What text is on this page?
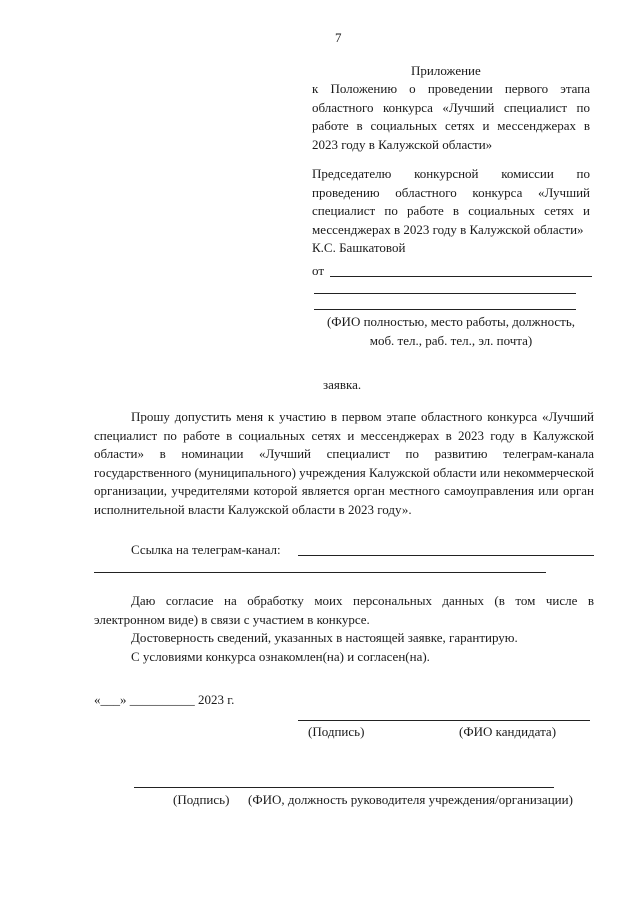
7
Приложение
к Положению о проведении первого этапа областного конкурса «Лучший специалист по работе в социальных сетях и мессенджерах в 2023 году в Калужской области»
Председателю конкурсной комиссии по проведению областного конкурса «Лучший специалист по работе в социальных сетях и мессенджерах в 2023 году в Калужской области»
К.С. Башкатовой
от
(ФИО полностью, место работы, должность,
моб. тел., раб. тел., эл. почта)
заявка.
Прошу допустить меня к участию в первом этапе областного конкурса «Лучший специалист по работе в социальных сетях и мессенджерах в 2023 году в Калужской области» в номинации «Лучший специалист по развитию телеграм-канала государственного (муниципального) учреждения Калужской области или некоммерческой организации, учредителями которой является орган местного самоуправления или орган исполнительной власти Калужской области в 2023 году».
Ссылка на телеграм-канал:

Даю согласие на обработку моих персональных данных (в том числе в электронном виде) в связи с участием в конкурсе.

Достоверность сведений, указанных в настоящей заявке, гарантирую.

С условиями конкурса ознакомлен(на) и согласен(на).

«___» __________ 2023 г.
(Подпись)	(ФИО кандидата)
(Подпись) (ФИО, должность руководителя учреждения/организации)
